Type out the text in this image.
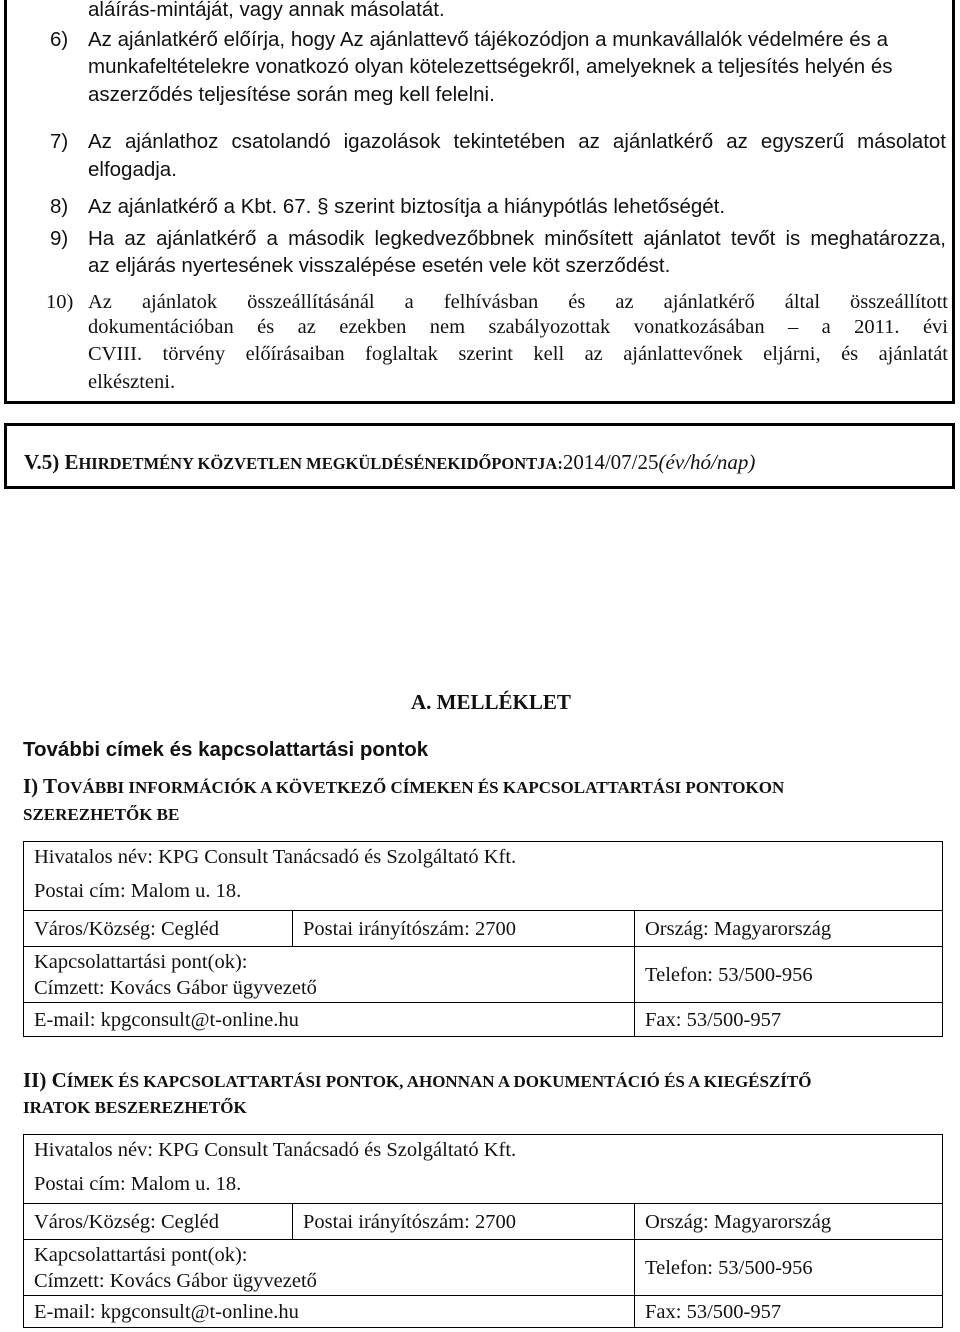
aláírás-mintáját, vagy annak másolatát.
6) Az ajánlatkérő előírja, hogy Az ajánlattevő tájékozódjon a munkavállalók védelmére és a
munkafeltételekre vonatkozó olyan kötelezettségekről, amelyeknek a teljesítés helyén és
aszerződés teljesítése során meg kell felelni.
7) Az ajánlathoz csatolandó igazolások tekintetében az ajánlatkérő az egyszerű másolatot
elfogadja.
8) Az ajánlatkérő a Kbt. 67. § szerint biztosítja a hiánypótlás lehetőségét.
9) Ha az ajánlatkérő a második legkedvezőbbnek minősített ajánlatot tevőt is meghatározza,
az eljárás nyertesének visszalépése esetén vele köt szerződést.
10) Az ajánlatok összeállításánál a felhívásban és az ajánlatkérő által összeállított
dokumentációban és az ezekben nem szabályozottak vonatkozásában – a 2011. évi
CVIII. törvény előírásaiban foglaltak szerint kell az ajánlattevőnek eljárni, és ajánlatát
elkészteni.
V.5) EHIRDETMÉNY KÖZVETLEN MEGKÜLDÉSÉNEKIDŐPONTJA:2014/07/25(év/hó/nap)
A. MELLÉKLET
További címek és kapcsolattartási pontok
I) TOVÁBBI INFORMÁCIÓK A KÖVETKEZŐ CÍMEKEN ÉS KAPCSOLATTARTÁSI PONTOKON
SZEREZHETŐK BE
Hivatalos név: KPG Consult Tanácsadó és Szolgáltató Kft.
Postai cím: Malom u. 18.
Város/Község: Cegléd	Postai irányítószám: 2700	Ország: Magyarország
Kapcsolattartási pont(ok):
Címzett: Kovács Gábor ügyvezető
Telefon: 53/500-956
E-mail: kpgconsult@t-online.hu	Fax: 53/500-957
II) CÍMEK ÉS KAPCSOLATTARTÁSI PONTOK, AHONNAN A DOKUMENTÁCIÓ ÉS A KIEGÉSZÍTŐ
IRATOK BESZEREZHETŐK
Hivatalos név: KPG Consult Tanácsadó és Szolgáltató Kft.
Postai cím: Malom u. 18.
Város/Község: Cegléd	Postai irányítószám: 2700	Ország: Magyarország
Kapcsolattartási pont(ok):
Címzett: Kovács Gábor ügyvezető
Telefon: 53/500-956
E-mail: kpgconsult@t-online.hu	Fax: 53/500-957
